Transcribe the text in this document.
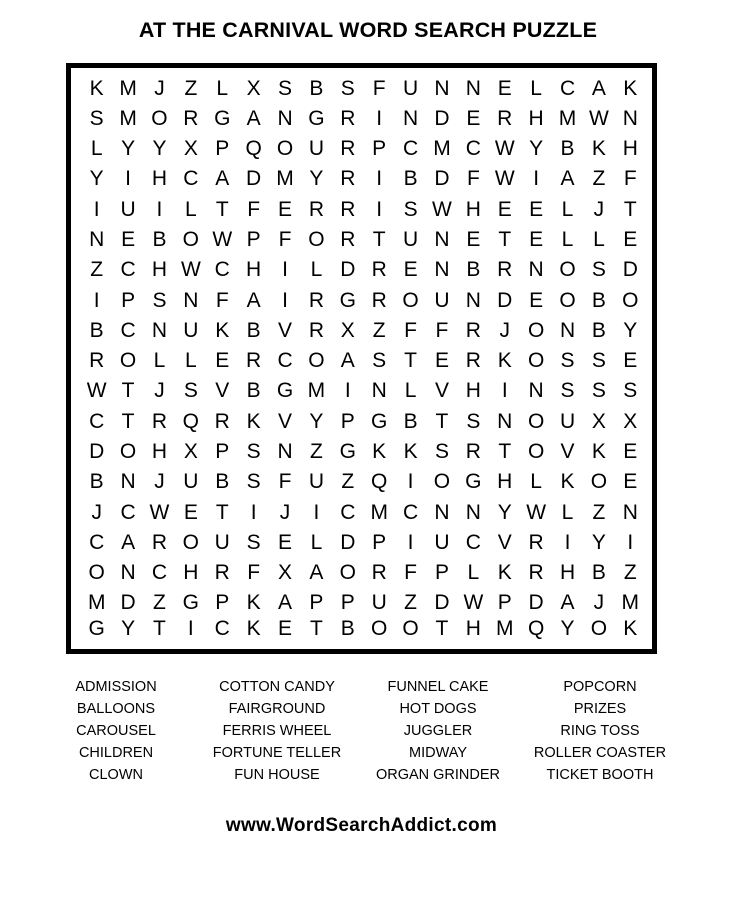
AT THE CARNIVAL WORD SEARCH PUZZLE
K M J Z L X S B S F U N N E L C A K
S M O R G A N G R I N D E R H M W N
L Y Y X P Q O U R P C M C W Y B K H
Y	I H C A D M Y R I	B D F W I	A Z F
I U I	L T F E R R I	S W H E E L J T
N E B O W P F O R T U N E T E L L E
Z C H W C H I	L D R E N B R N O S D
I	P S N F A	I R G R O U N D E O B O
B C N U K B V R X Z F F R J O N B Y
R O L L E R C O A S T E R K O S S E
W T J S V B G M I N L V H I N S S S
C T R Q R K V Y P G B T S N O U X X
D O H X P S N Z G K K S R T O V K E
B N J U B S F U Z Q I O G H L K O E
J C W E T	I	J	I C M C N N Y W L Z N
C A R O U S E L D P	I U C V R I	Y	I
O N C H R F X A O R F P L K R H B Z
M D Z G P K A P P U Z D W P D A J M
G Y T	I C K E T B O O T H M Q Y O K
ADMISSION
BALLOONS
CAROUSEL
CHILDREN
CLOWN
COTTON CANDY
FAIRGROUND
FERRIS WHEEL
FORTUNE TELLER
FUN HOUSE
FUNNEL CAKE
HOT DOGS
JUGGLER
MIDWAY
ORGAN GRINDER
POPCORN
PRIZES
RING TOSS
ROLLER COASTER
TICKET BOOTH
www.WordSearchAddict.com
